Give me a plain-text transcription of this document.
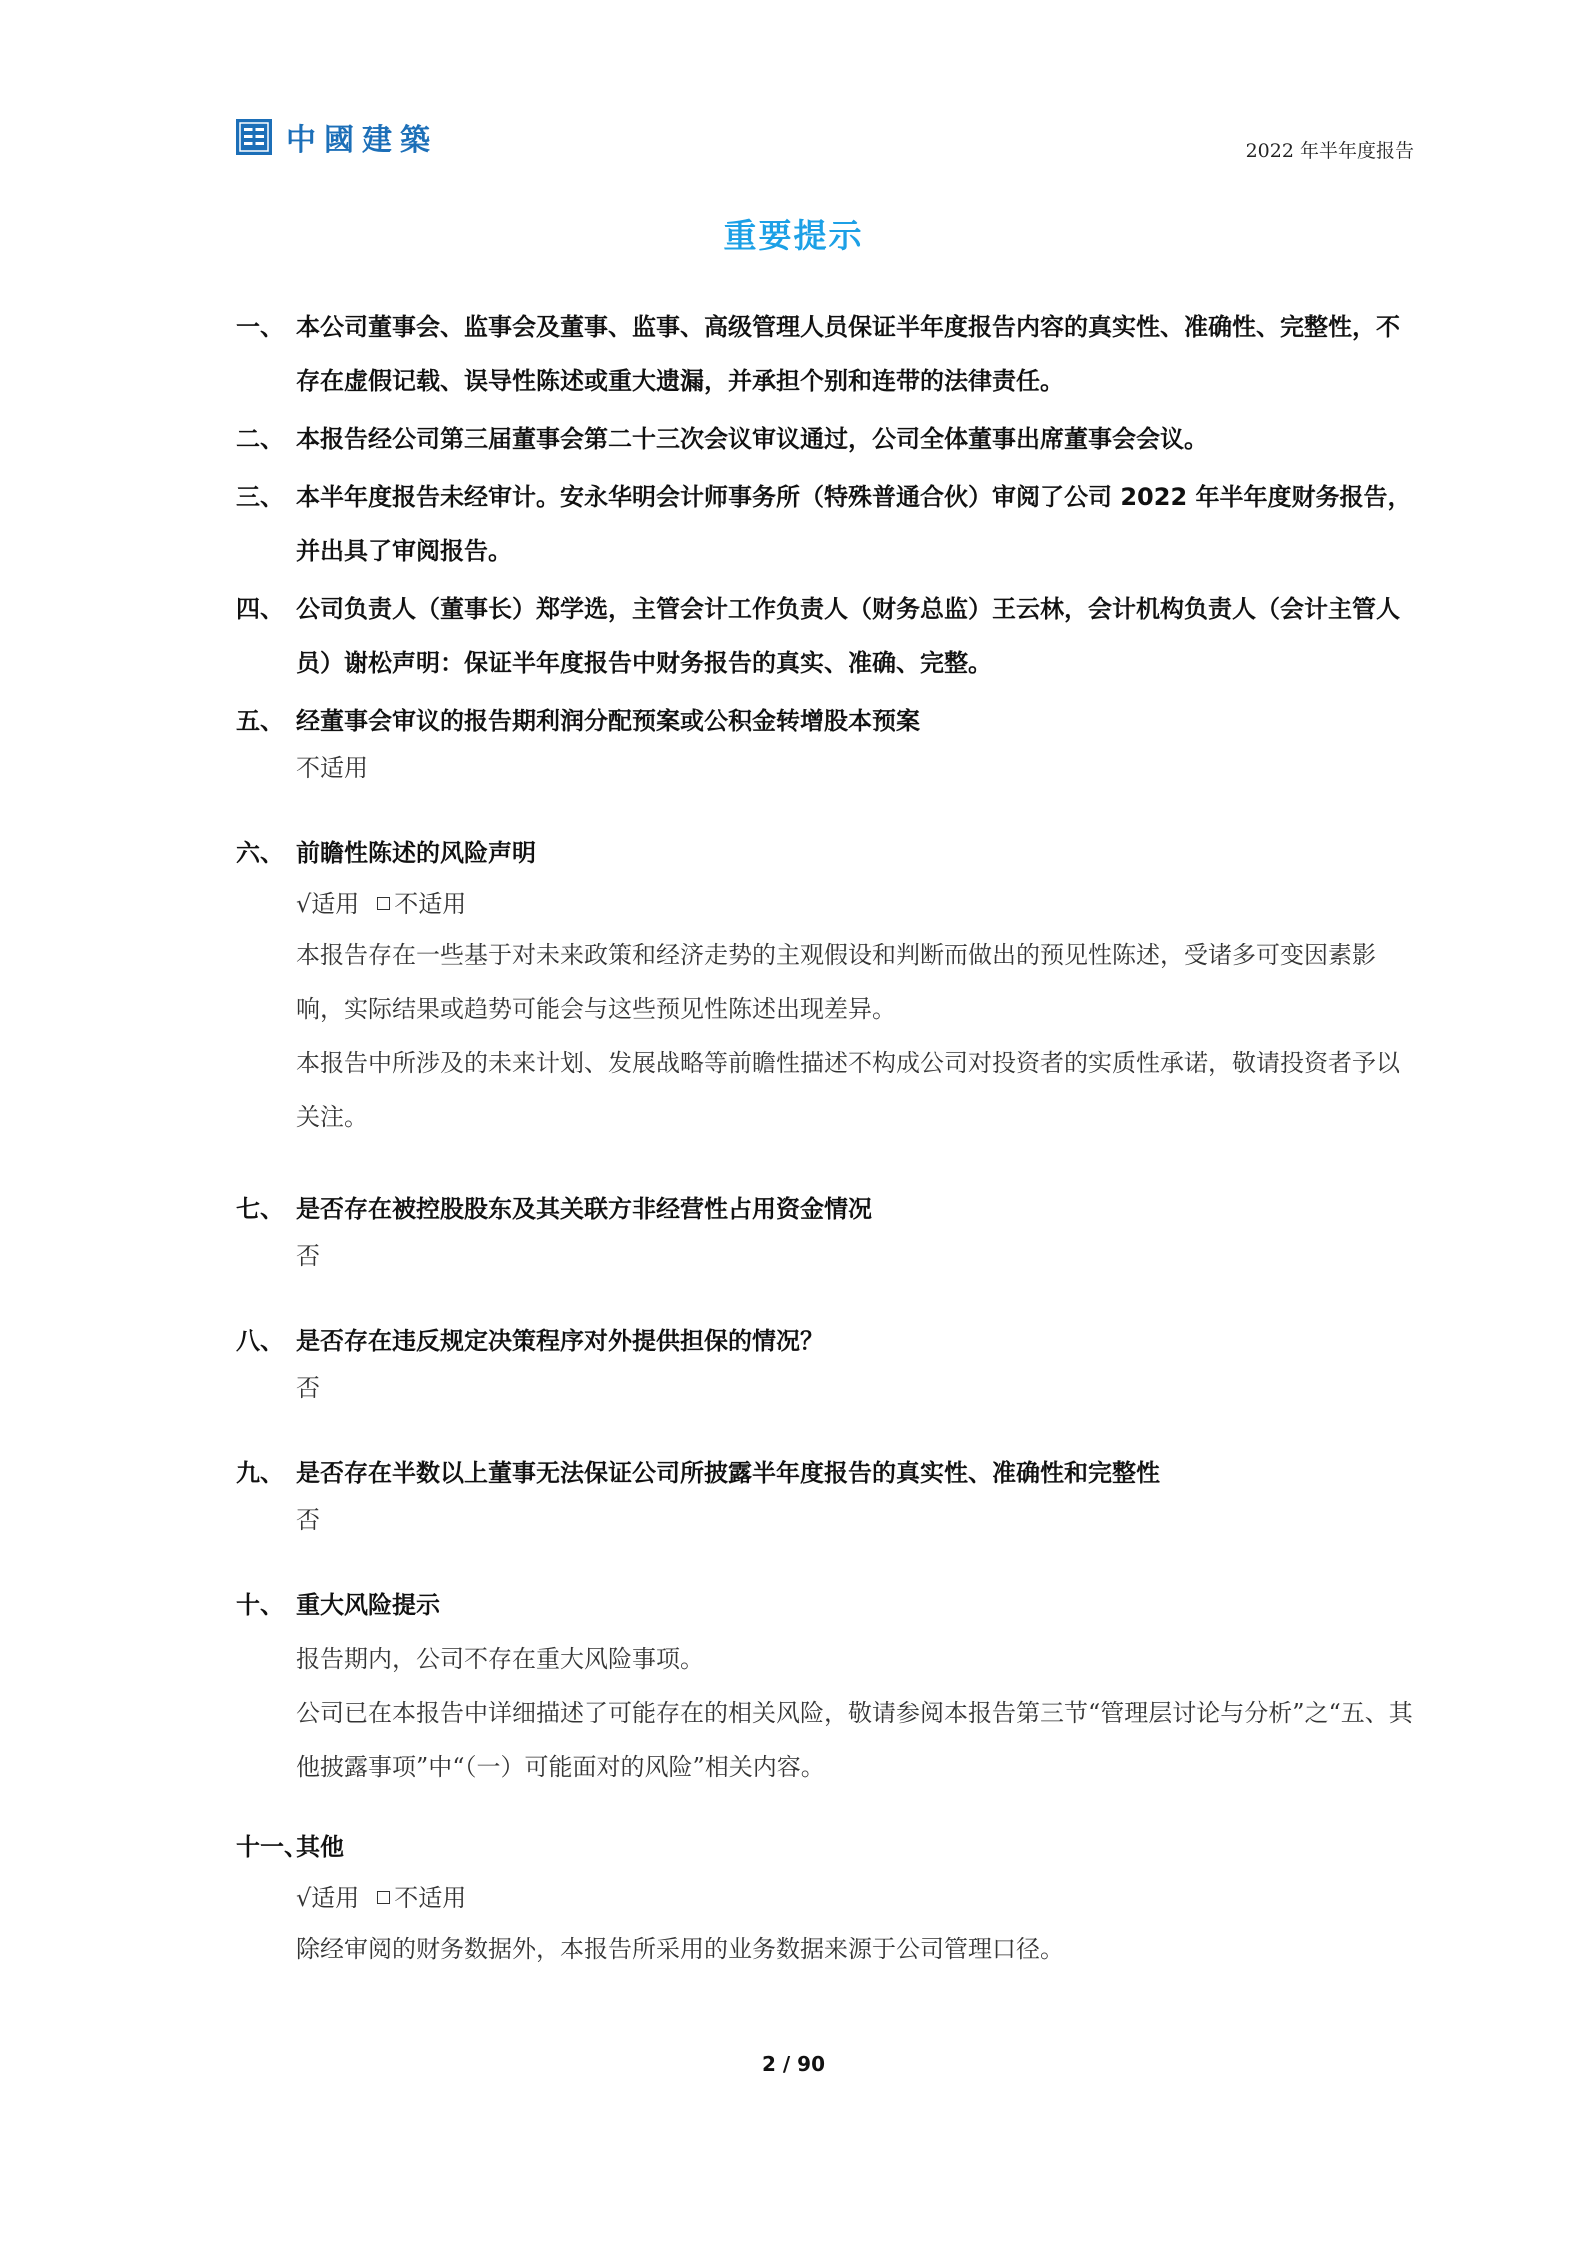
中國建築	2022 年半年度报告
重要提示
一、 本公司董事会、监事会及董事、监事、高级管理人员保证半年度报告内容的真实性、准确性、完整性，不存在虚假记载、误导性陈述或重大遗漏，并承担个别和连带的法律责任。
二、 本报告经公司第三届董事会第二十三次会议审议通过，公司全体董事出席董事会会议。
三、 本半年度报告未经审计。安永华明会计师事务所（特殊普通合伙）审阅了公司 2022 年半年度财务报告，并出具了审阅报告。
四、 公司负责人（董事长）郑学选，主管会计工作负责人（财务总监）王云林，会计机构负责人（会计主管人员）谢松声明：保证半年度报告中财务报告的真实、准确、完整。
五、 经董事会审议的报告期利润分配预案或公积金转增股本预案

不适用

六、 前瞻性陈述的风险声明

√适用 不适用

本报告存在一些基于对未来政策和经济走势的主观假设和判断而做出的预见性陈述，受诸多可变因素影响，实际结果或趋势可能会与这些预见性陈述出现差异。

本报告中所涉及的未来计划、发展战略等前瞻性描述不构成公司对投资者的实质性承诺，敬请投资者予以关注。

七、 是否存在被控股股东及其关联方非经营性占用资金情况

否

八、 是否存在违反规定决策程序对外提供担保的情况？

否

九、 是否存在半数以上董事无法保证公司所披露半年度报告的真实性、准确性和完整性

否

十、 重大风险提示

报告期内，公司不存在重大风险事项。

公司已在本报告中详细描述了可能存在的相关风险，敬请参阅本报告第三节“管理层讨论与分析”之“五、其他披露事项”中“（一）可能面对的风险”相关内容。

十一、
其他

√适用 不适用

除经审阅的财务数据外，本报告所采用的业务数据来源于公司管理口径。

2 / 90
